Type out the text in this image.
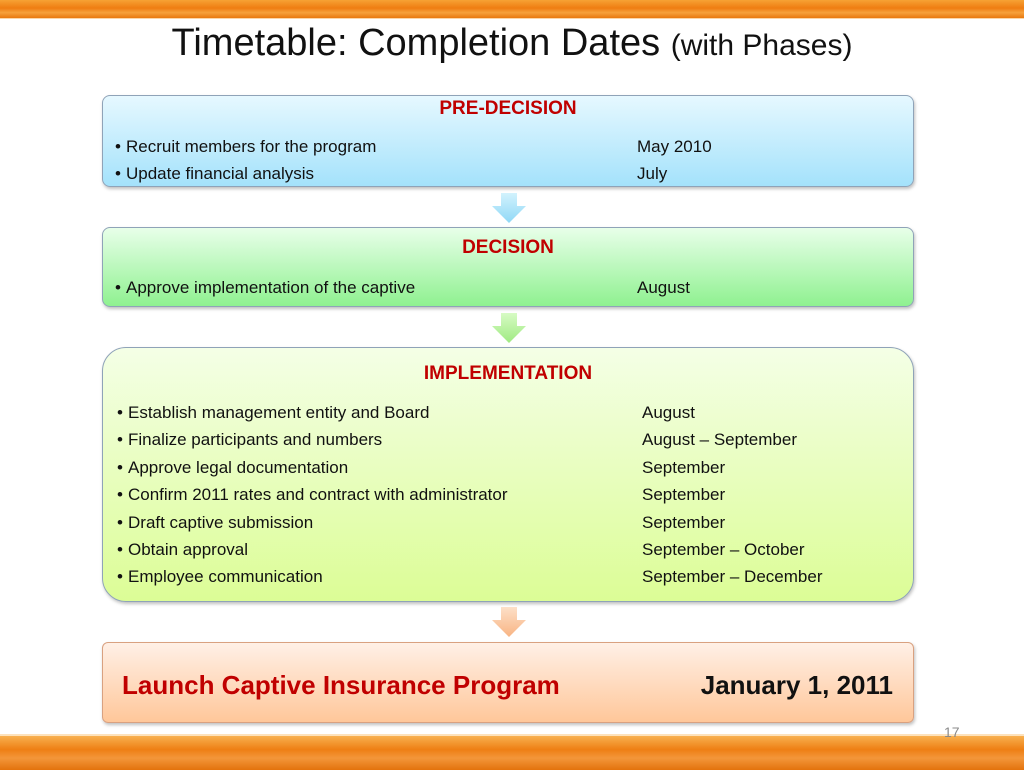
Timetable: Completion Dates (with Phases)
PRE-DECISION
• Recruit members for the program	May 2010
• Update financial analysis	July
DECISION
• Approve implementation of the captive	August
IMPLEMENTATION
• Establish management entity and Board	August
• Finalize participants and numbers	August – September
• Approve legal documentation	September
• Confirm 2011 rates and contract with administrator	September
• Draft captive submission	September
• Obtain approval	September – October
• Employee communication	September – December
Launch Captive Insurance Program	January 1, 2011
17
